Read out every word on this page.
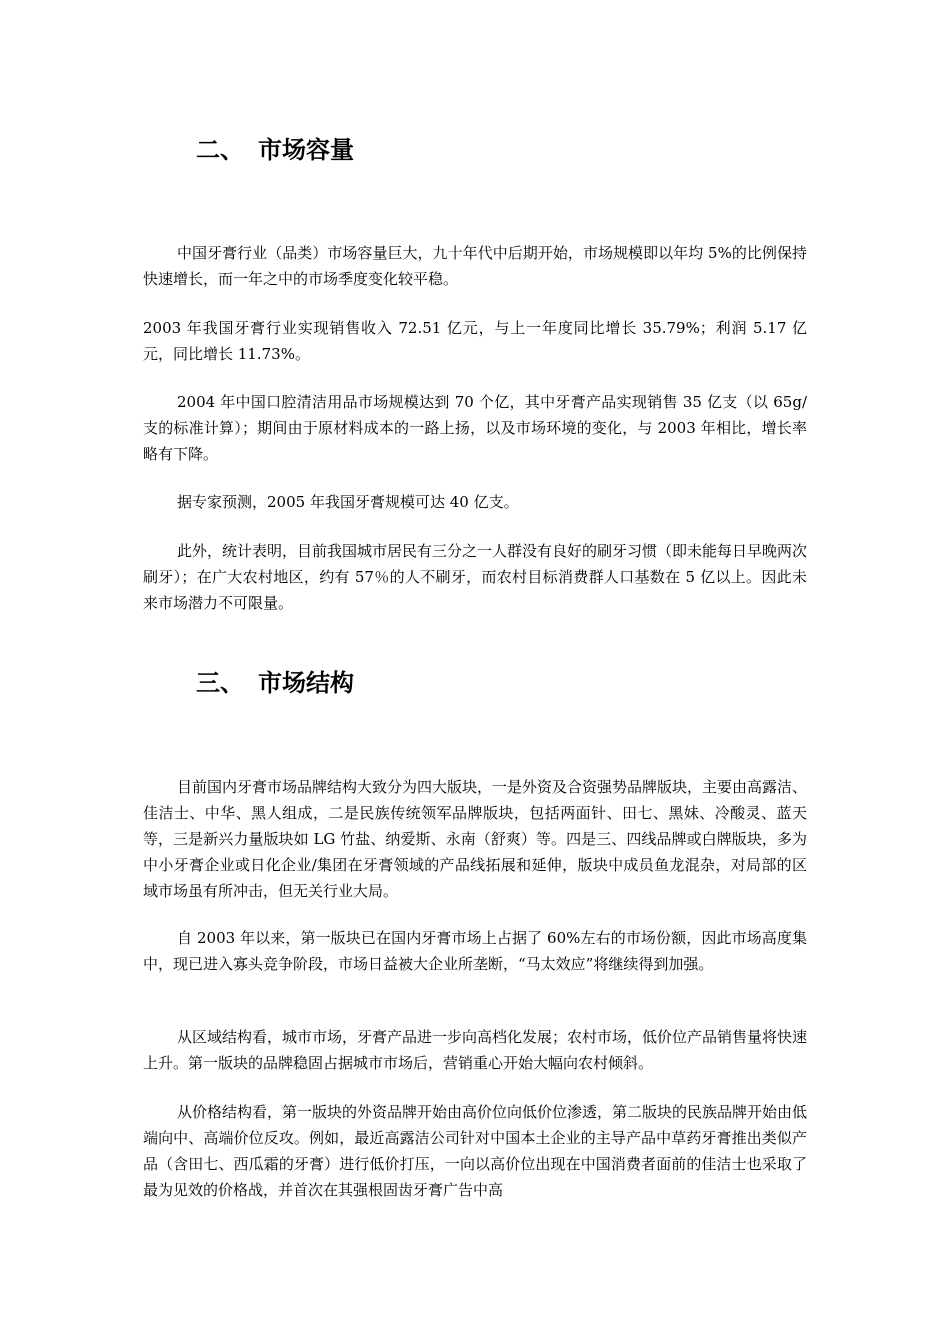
二、 市场容量

中国牙膏行业（品类）市场容量巨大，九十年代中后期开始，市场规模即以年均 5%的比例保持快速增长，而一年之中的市场季度变化较平稳。

2003 年我国牙膏行业实现销售收入 72.51 亿元，与上一年度同比增长 35.79%；利润 5.17 亿元，同比增长 11.73%。

2004 年中国口腔清洁用品市场规模达到 70 个亿，其中牙膏产品实现销售 35 亿支（以 65g/支的标准计算）；期间由于原材料成本的一路上扬，以及市场环境的变化，与 2003 年相比，增长率略有下降。

据专家预测，2005 年我国牙膏规模可达 40 亿支。

此外，统计表明，目前我国城市居民有三分之一人群没有良好的刷牙习惯（即未能每日早晚两次刷牙）；在广大农村地区，约有 57％的人不刷牙，而农村目标消费群人口基数在 5 亿以上。因此未来市场潜力不可限量。

三、 市场结构

目前国内牙膏市场品牌结构大致分为四大版块，一是外资及合资强势品牌版块，主要由高露洁、佳洁士、中华、黑人组成，二是民族传统领军品牌版块，包括两面针、田七、黑妹、冷酸灵、蓝天等，三是新兴力量版块如 LG 竹盐、纳爱斯、永南（舒爽）等。四是三、四线品牌或白牌版块，多为中小牙膏企业或日化企业/集团在牙膏领域的产品线拓展和延伸，版块中成员鱼龙混杂，对局部的区域市场虽有所冲击，但无关行业大局。

自 2003 年以来，第一版块已在国内牙膏市场上占据了 60%左右的市场份额，因此市场高度集中，现已进入寡头竞争阶段，市场日益被大企业所垄断，“马太效应”将继续得到加强。

从区域结构看，城市市场，牙膏产品进一步向高档化发展；农村市场，低价位产品销售量将快速上升。第一版块的品牌稳固占据城市市场后，营销重心开始大幅向农村倾斜。

从价格结构看，第一版块的外资品牌开始由高价位向低价位渗透，第二版块的民族品牌开始由低端向中、高端价位反攻。例如，最近高露洁公司针对中国本土企业的主导产品中草药牙膏推出类似产品（含田七、西瓜霜的牙膏）进行低价打压，一向以高价位出现在中国消费者面前的佳洁士也采取了最为见效的价格战，并首次在其强根固齿牙膏广告中高
